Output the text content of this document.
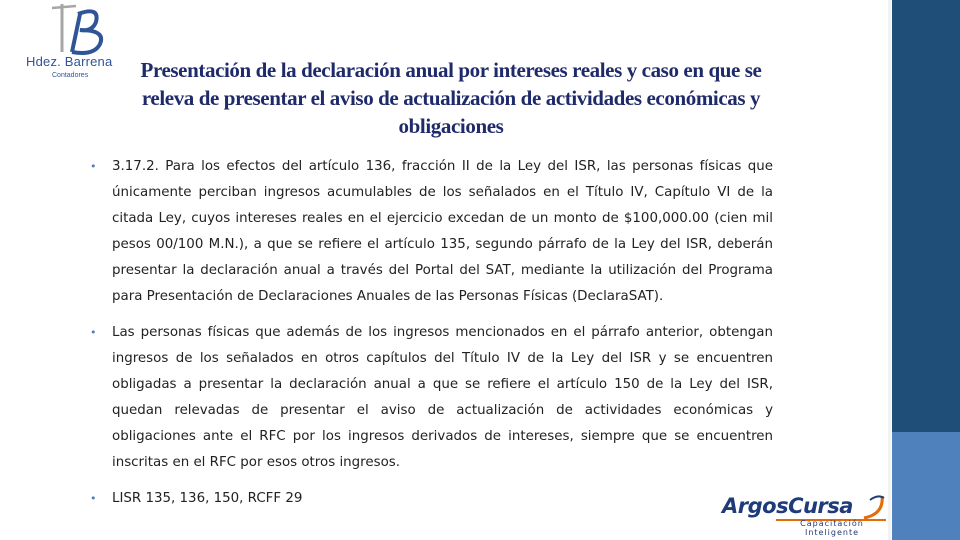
Hdez. Barrena
Contadores	Presentación de la declaración anual por intereses reales y caso en que se releva de presentar el aviso de actualización de actividades económicas y obligaciones
• 3.17.2. Para los efectos del artículo 136, fracción II de la Ley del ISR, las personas físicas que únicamente perciban ingresos acumulables de los señalados en el Título IV, Capítulo VI de la citada Ley, cuyos intereses reales en el ejercicio excedan de un monto de $100,000.00 (cien mil pesos 00/100 M.N.), a que se refiere el artículo 135, segundo párrafo de la Ley del ISR, deberán presentar la declaración anual a través del Portal del SAT, mediante la utilización del Programa para Presentación de Declaraciones Anuales de las Personas Físicas (DeclaraSAT).
• Las personas físicas que además de los ingresos mencionados en el párrafo anterior, obtengan ingresos de los señalados en otros capítulos del Título IV de la Ley del ISR y se encuentren obligadas a presentar la declaración anual a que se refiere el artículo 150 de la Ley del ISR, quedan relevadas de presentar el aviso de actualización de actividades económicas y obligaciones ante el RFC por los ingresos derivados de intereses, siempre que se encuentren inscritas en el RFC por esos otros ingresos.
• LISR 135, 136, 150, RCFF 29	ArgosCursa
Capacitación
Inteligente
